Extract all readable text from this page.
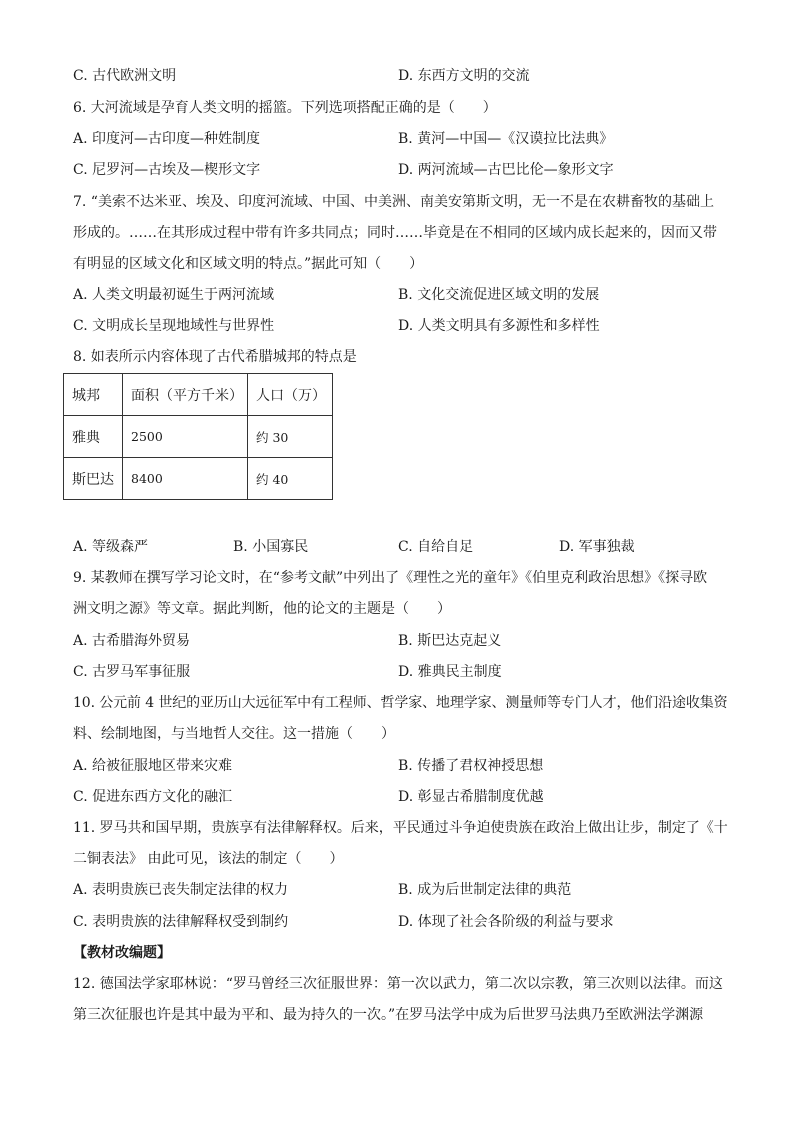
C. 古代欧洲文明	D. 东西方文明的交流
6. 大河流域是孕育人类文明的摇篮。下列选项搭配正确的是（　　）
A. 印度河—古印度—种姓制度	B. 黄河—中国—《汉谟拉比法典》
C. 尼罗河—古埃及—楔形文字	D. 两河流域—古巴比伦—象形文字
7. “美索不达米亚、埃及、印度河流域、中国、中美洲、南美安第斯文明，无一不是在农耕畜牧的基础上
形成的。……在其形成过程中带有许多共同点；同时……毕竟是在不相同的区域内成长起来的，因而又带
有明显的区域文化和区域文明的特点。”据此可知（　　）
A. 人类文明最初诞生于两河流域	B. 文化交流促进区域文明的发展
C. 文明成长呈现地域性与世界性	D. 人类文明具有多源性和多样性
8. 如表所示内容体现了古代希腊城邦的特点是
城邦	面积（平方千米）	人口（万）
雅典	2500	约 30
斯巴达	8400	约 40
A. 等级森严	B. 小国寡民	C. 自给自足	D. 军事独裁
9. 某教师在撰写学习论文时，在“参考文献”中列出了《理性之光的童年》《伯里克利政治思想》《探寻欧
洲文明之源》等文章。据此判断，他的论文的主题是（　　）
A. 古希腊海外贸易	B. 斯巴达克起义
C. 古罗马军事征服	D. 雅典民主制度
10. 公元前 4 世纪的亚历山大远征军中有工程师、哲学家、地理学家、测量师等专门人才，他们沿途收集资
料、绘制地图，与当地哲人交往。这一措施（　　）
A. 给被征服地区带来灾难	B. 传播了君权神授思想
C. 促进东西方文化的融汇	D. 彰显古希腊制度优越
11. 罗马共和国早期，贵族享有法律解释权。后来，平民通过斗争迫使贵族在政治上做出让步，制定了《十
二铜表法》 由此可见，该法的制定（　　）
A. 表明贵族已丧失制定法律的权力	B. 成为后世制定法律的典范
C. 表明贵族的法律解释权受到制约	D. 体现了社会各阶级的利益与要求
【教材改编题】
12. 德国法学家耶林说：“罗马曾经三次征服世界：第一次以武力，第二次以宗教，第三次则以法律。而这
第三次征服也许是其中最为平和、最为持久的一次。”在罗马法学中成为后世罗马法典乃至欧洲法学渊源
